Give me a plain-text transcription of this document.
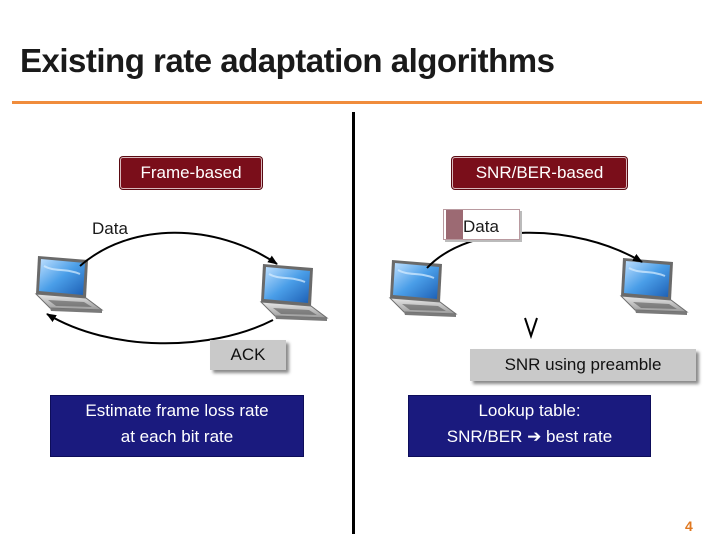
Existing rate adaptation algorithms
Frame-based	SNR/BER-based
Data	Data
ACK
SNR using preamble
Estimate frame loss rate
at each bit rate
Lookup table:
SNR/BER ➔ best rate
4
